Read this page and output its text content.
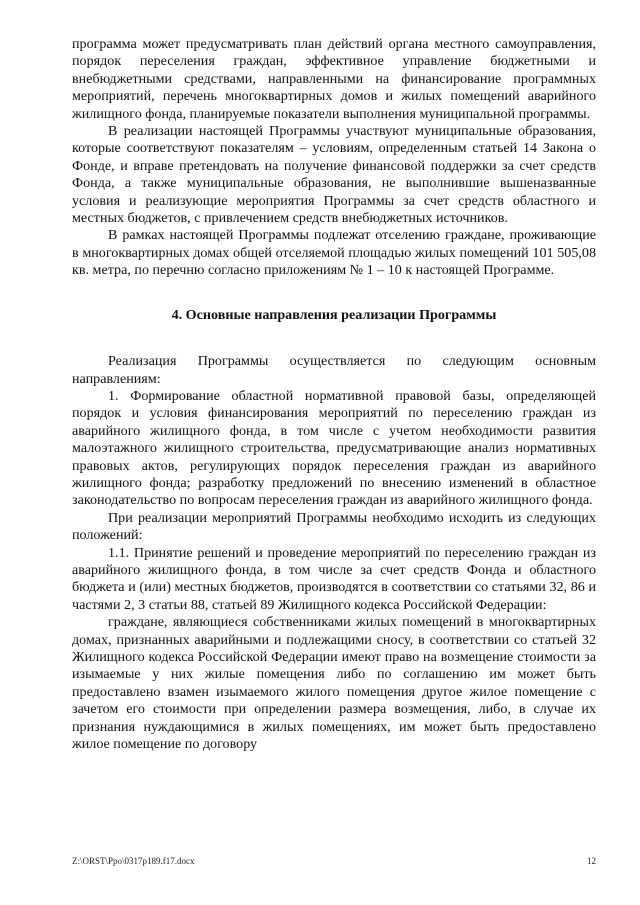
программа может предусматривать план действий органа местного самоуправления, порядок переселения граждан, эффективное управление бюджетными и внебюджетными средствами, направленными на финансирование программных мероприятий, перечень многоквартирных домов и жилых помещений аварийного жилищного фонда, планируемые показатели выполнения муниципальной программы.

В реализации настоящей Программы участвуют муниципальные образования, которые соответствуют показателям – условиям, определенным статьей 14 Закона о Фонде, и вправе претендовать на получение финансовой поддержки за счет средств Фонда, а также муниципальные образования, не выполнившие вышеназванные условия и реализующие мероприятия Программы за счет средств областного и местных бюджетов, с привлечением средств внебюджетных источников.

В рамках настоящей Программы подлежат отселению граждане, проживающие в многоквартирных домах общей отселяемой площадью жилых помещений 101 505,08 кв. метра, по перечню согласно приложениям № 1 – 10 к настоящей Программе.

4. Основные направления реализации Программы

Реализация Программы осуществляется по следующим основным направлениям:

1. Формирование областной нормативной правовой базы, определяющей порядок и условия финансирования мероприятий по переселению граждан из аварийного жилищного фонда, в том числе с учетом необходимости развития малоэтажного жилищного строительства, предусматривающие анализ нормативных правовых актов, регулирующих порядок переселения граждан из аварийного жилищного фонда; разработку предложений по внесению изменений в областное законодательство по вопросам переселения граждан из аварийного жилищного фонда.

При реализации мероприятий Программы необходимо исходить из следующих положений:

1.1. Принятие решений и проведение мероприятий по переселению граждан из аварийного жилищного фонда, в том числе за счет средств Фонда и областного бюджета и (или) местных бюджетов, производятся в соответствии со статьями 32, 86 и частями 2, 3 статьи 88, статьей 89 Жилищного кодекса Российской Федерации:

граждане, являющиеся собственниками жилых помещений в многоквартирных домах, признанных аварийными и подлежащими сносу, в соответствии со статьей 32 Жилищного кодекса Российской Федерации имеют право на возмещение стоимости за изымаемые у них жилые помещения либо по соглашению им может быть предоставлено взамен изымаемого жилого помещения другое жилое помещение с зачетом его стоимости при определении размера возмещения, либо, в случае их признания нуждающимися в жилых помещениях, им может быть предоставлено жилое помещение по договору

Z:\ORST\Ppo\0317p189.f17.docx	12
